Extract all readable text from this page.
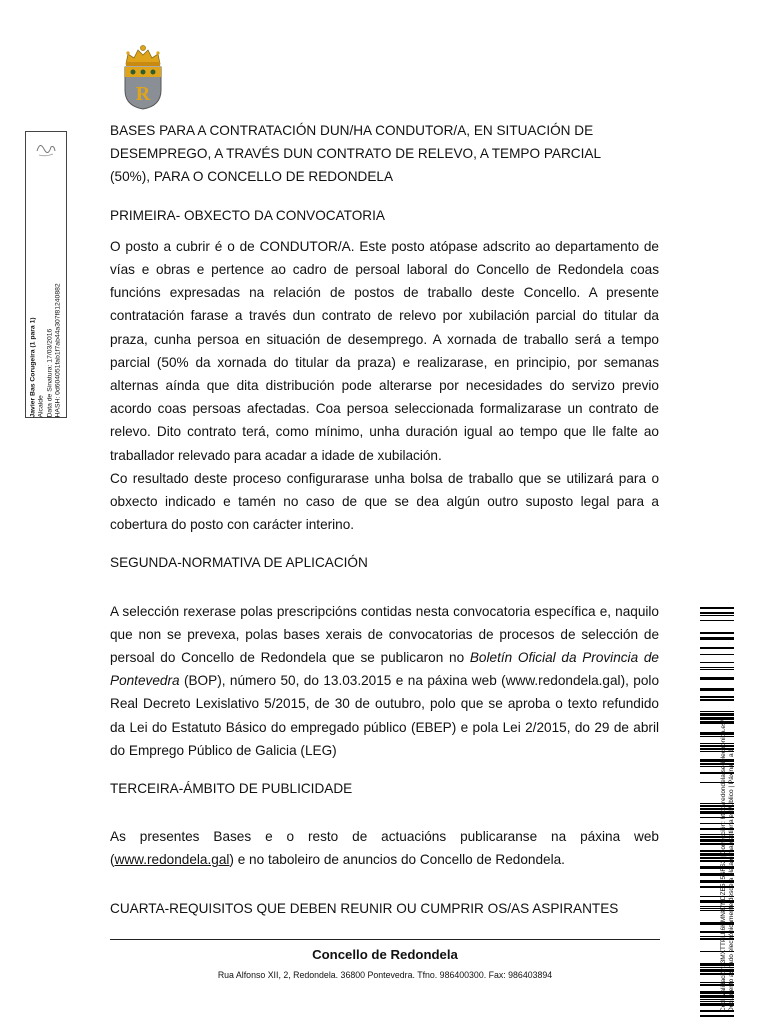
R
Javier Bas Corugeira (1 para 1) Alcalde Data de Sinatura: 17/03/2016 HASH: 0d604051fab1f7ab44a307f81240882

BASES PARA A CONTRATACIÓN DUN/HA CONDUTOR/A, EN SITUACIÓN DE

DESEMPREGO, A TRAVÉS DUN CONTRATO DE RELEVO, A TEMPO PARCIAL

(50%), PARA O CONCELLO DE REDONDELA

PRIMEIRA- OBXECTO DA CONVOCATORIA

O posto a cubrir é o de CONDUTOR/A. Este posto atópase adscrito ao departamento de vías e obras e pertence ao cadro de persoal laboral do Concello de Redondela coas funcións expresadas na relación de postos de traballo deste Concello. A presente contratación farase a través dun contrato de relevo por xubilación parcial do titular da praza, cunha persoa en situación de desemprego. A xornada de traballo será a tempo parcial (50% da xornada do titular da praza) e realizarase, en principio, por semanas alternas aínda que dita distribución pode alterarse por necesidades do servizo previo acordo coas persoas afectadas. Coa persoa seleccionada formalizarase un contrato de relevo. Dito contrato terá, como mínimo, unha duración igual ao tempo que lle falte ao traballador relevado para acadar a idade de xubilación.

Co resultado deste proceso configurarase unha bolsa de traballo que se utilizará para o obxecto indicado e tamén no caso de que se dea algún outro suposto legal para a cobertura do posto con carácter interino.

SEGUNDA-NORMATIVA DE APLICACIÓN

A selección rexerase polas prescripcións contidas nesta convocatoria específica e, naquilo que non se prevexa, polas bases xerais de convocatorias de procesos de selección de persoal do Concello de Redondela que se publicaron no Boletín Oficial da Provincia de Pontevedra (BOP), número 50, do 13.03.2015 e na páxina web (www.redondela.gal), polo Real Decreto Lexislativo 5/2015, de 30 de outubro, polo que se aproba o texto refundido da Lei do Estatuto Básico do empregado público (EBEP) e pola Lei 2/2015, do 29 de abril do Emprego Público de Galicia (LEG)

TERCEIRA-ÁMBITO DE PUBLICIDADE

As presentes Bases e o resto de actuacións publicaranse na páxina web (www.redondela.gal) e no taboleiro de anuncios do Concello de Redondela.

CUARTA-REQUISITOS QUE DEBEN REUNIR OU CUMPRIR OS/AS ASPIRANTES	Cod. Validación: 3MXTTPLL6HMN87NDZE5F5SFS2 | Corrección: http://redondela.sedelectronica.es/ Documento asinado electrónicamente desde a plataforma xestiona esPublico | Páxina 1 a 9
Concello de Redondela
Rua Alfonso XII, 2, Redondela. 36800 Pontevedra. Tfno. 986400300. Fax: 986403894
